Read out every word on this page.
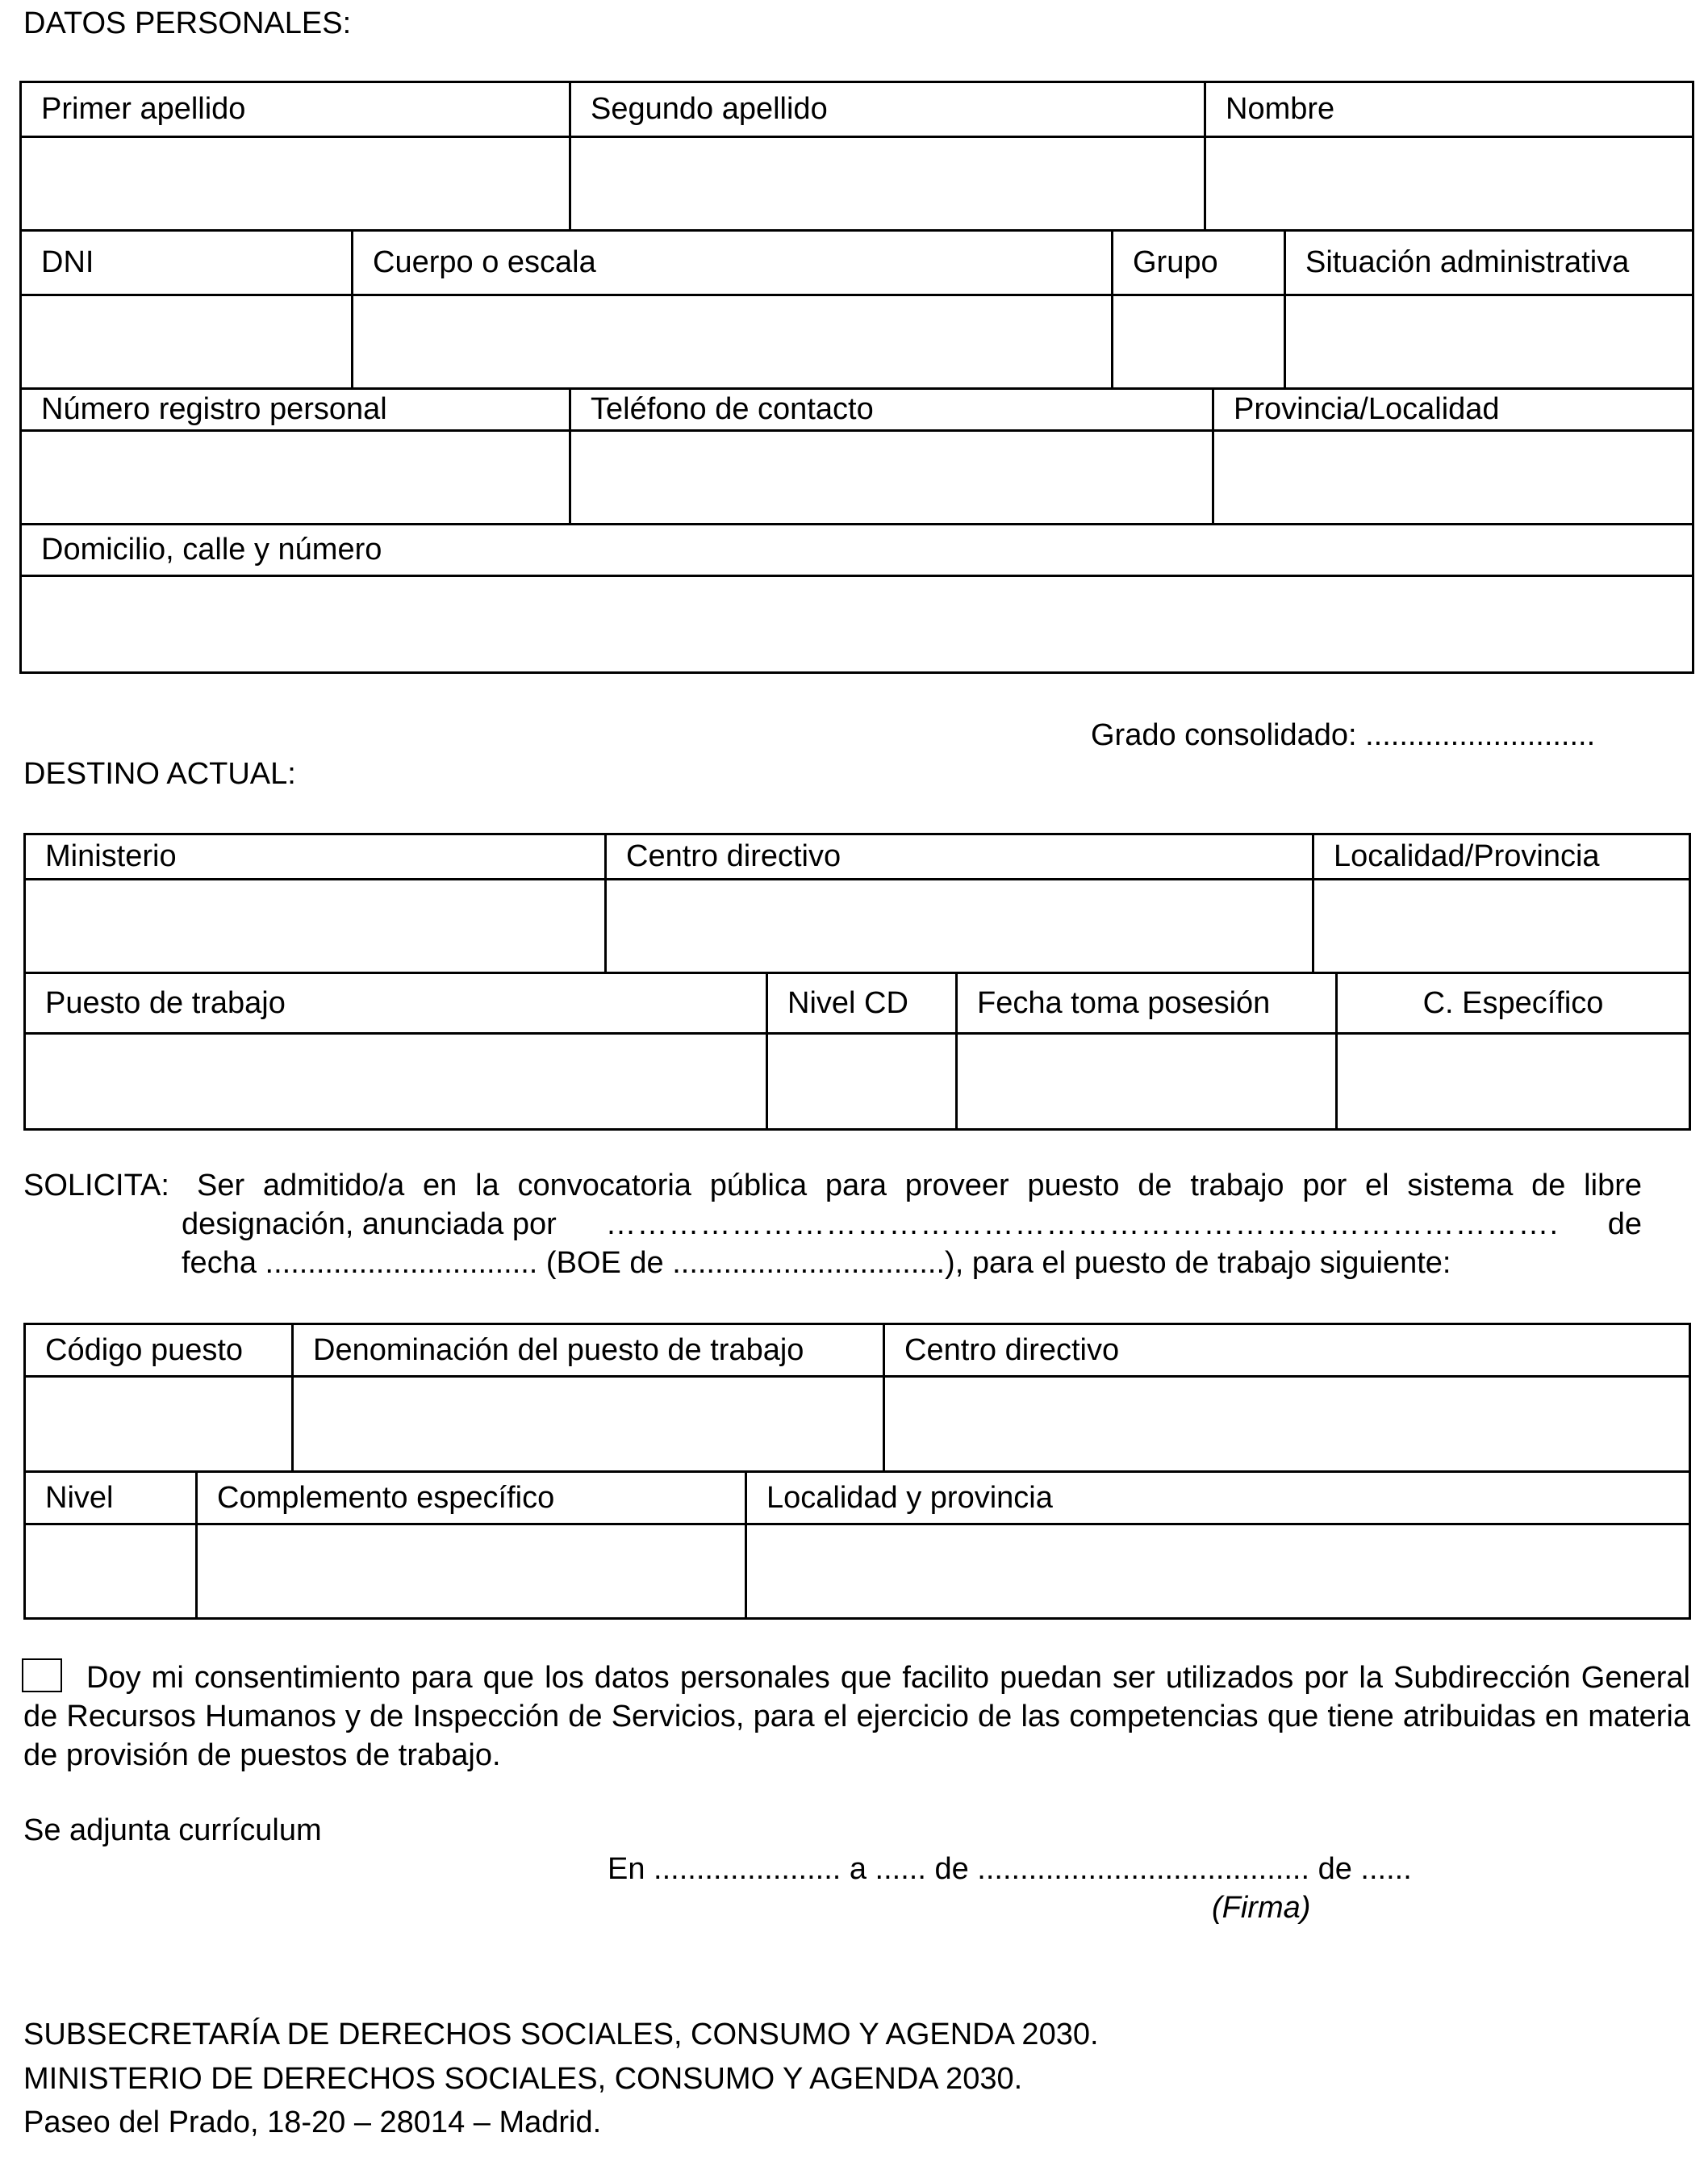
DATOS PERSONALES:
Primer apellido	Segundo apellido	Nombre
DNI	Cuerpo o escala	Grupo	Situación administrativa
Número registro personal	Teléfono de contacto	Provincia/Localidad
Domicilio, calle y número
Grado consolidado: ...........................
DESTINO ACTUAL:
Ministerio	Centro directivo	Localidad/Provincia
Puesto de trabajo	Nivel CD	Fecha toma posesión	C. Específico
SOLICITA: Ser admitido/a en la convocatoria pública para proveer puesto de trabajo por el sistema de libre
designación, anunciada por ………………………………………………………………………………. de
fecha ................................ (BOE de ................................), para el puesto de trabajo siguiente:
Código puesto	Denominación del puesto de trabajo	Centro directivo
Nivel	Complemento específico	Localidad y provincia
Doy mi consentimiento para que los datos personales que facilito puedan ser utilizados por la Subdirección General de Recursos Humanos y de Inspección de Servicios, para el ejercicio de las competencias que tiene atribuidas en materia de provisión de puestos de trabajo.
Se adjunta currículum
En ...................... a ...... de ....................................... de ......
(Firma)
SUBSECRETARÍA DE DERECHOS SOCIALES, CONSUMO Y AGENDA 2030.
MINISTERIO DE DERECHOS SOCIALES, CONSUMO Y AGENDA 2030.
Paseo del Prado, 18-20 – 28014 – Madrid.
